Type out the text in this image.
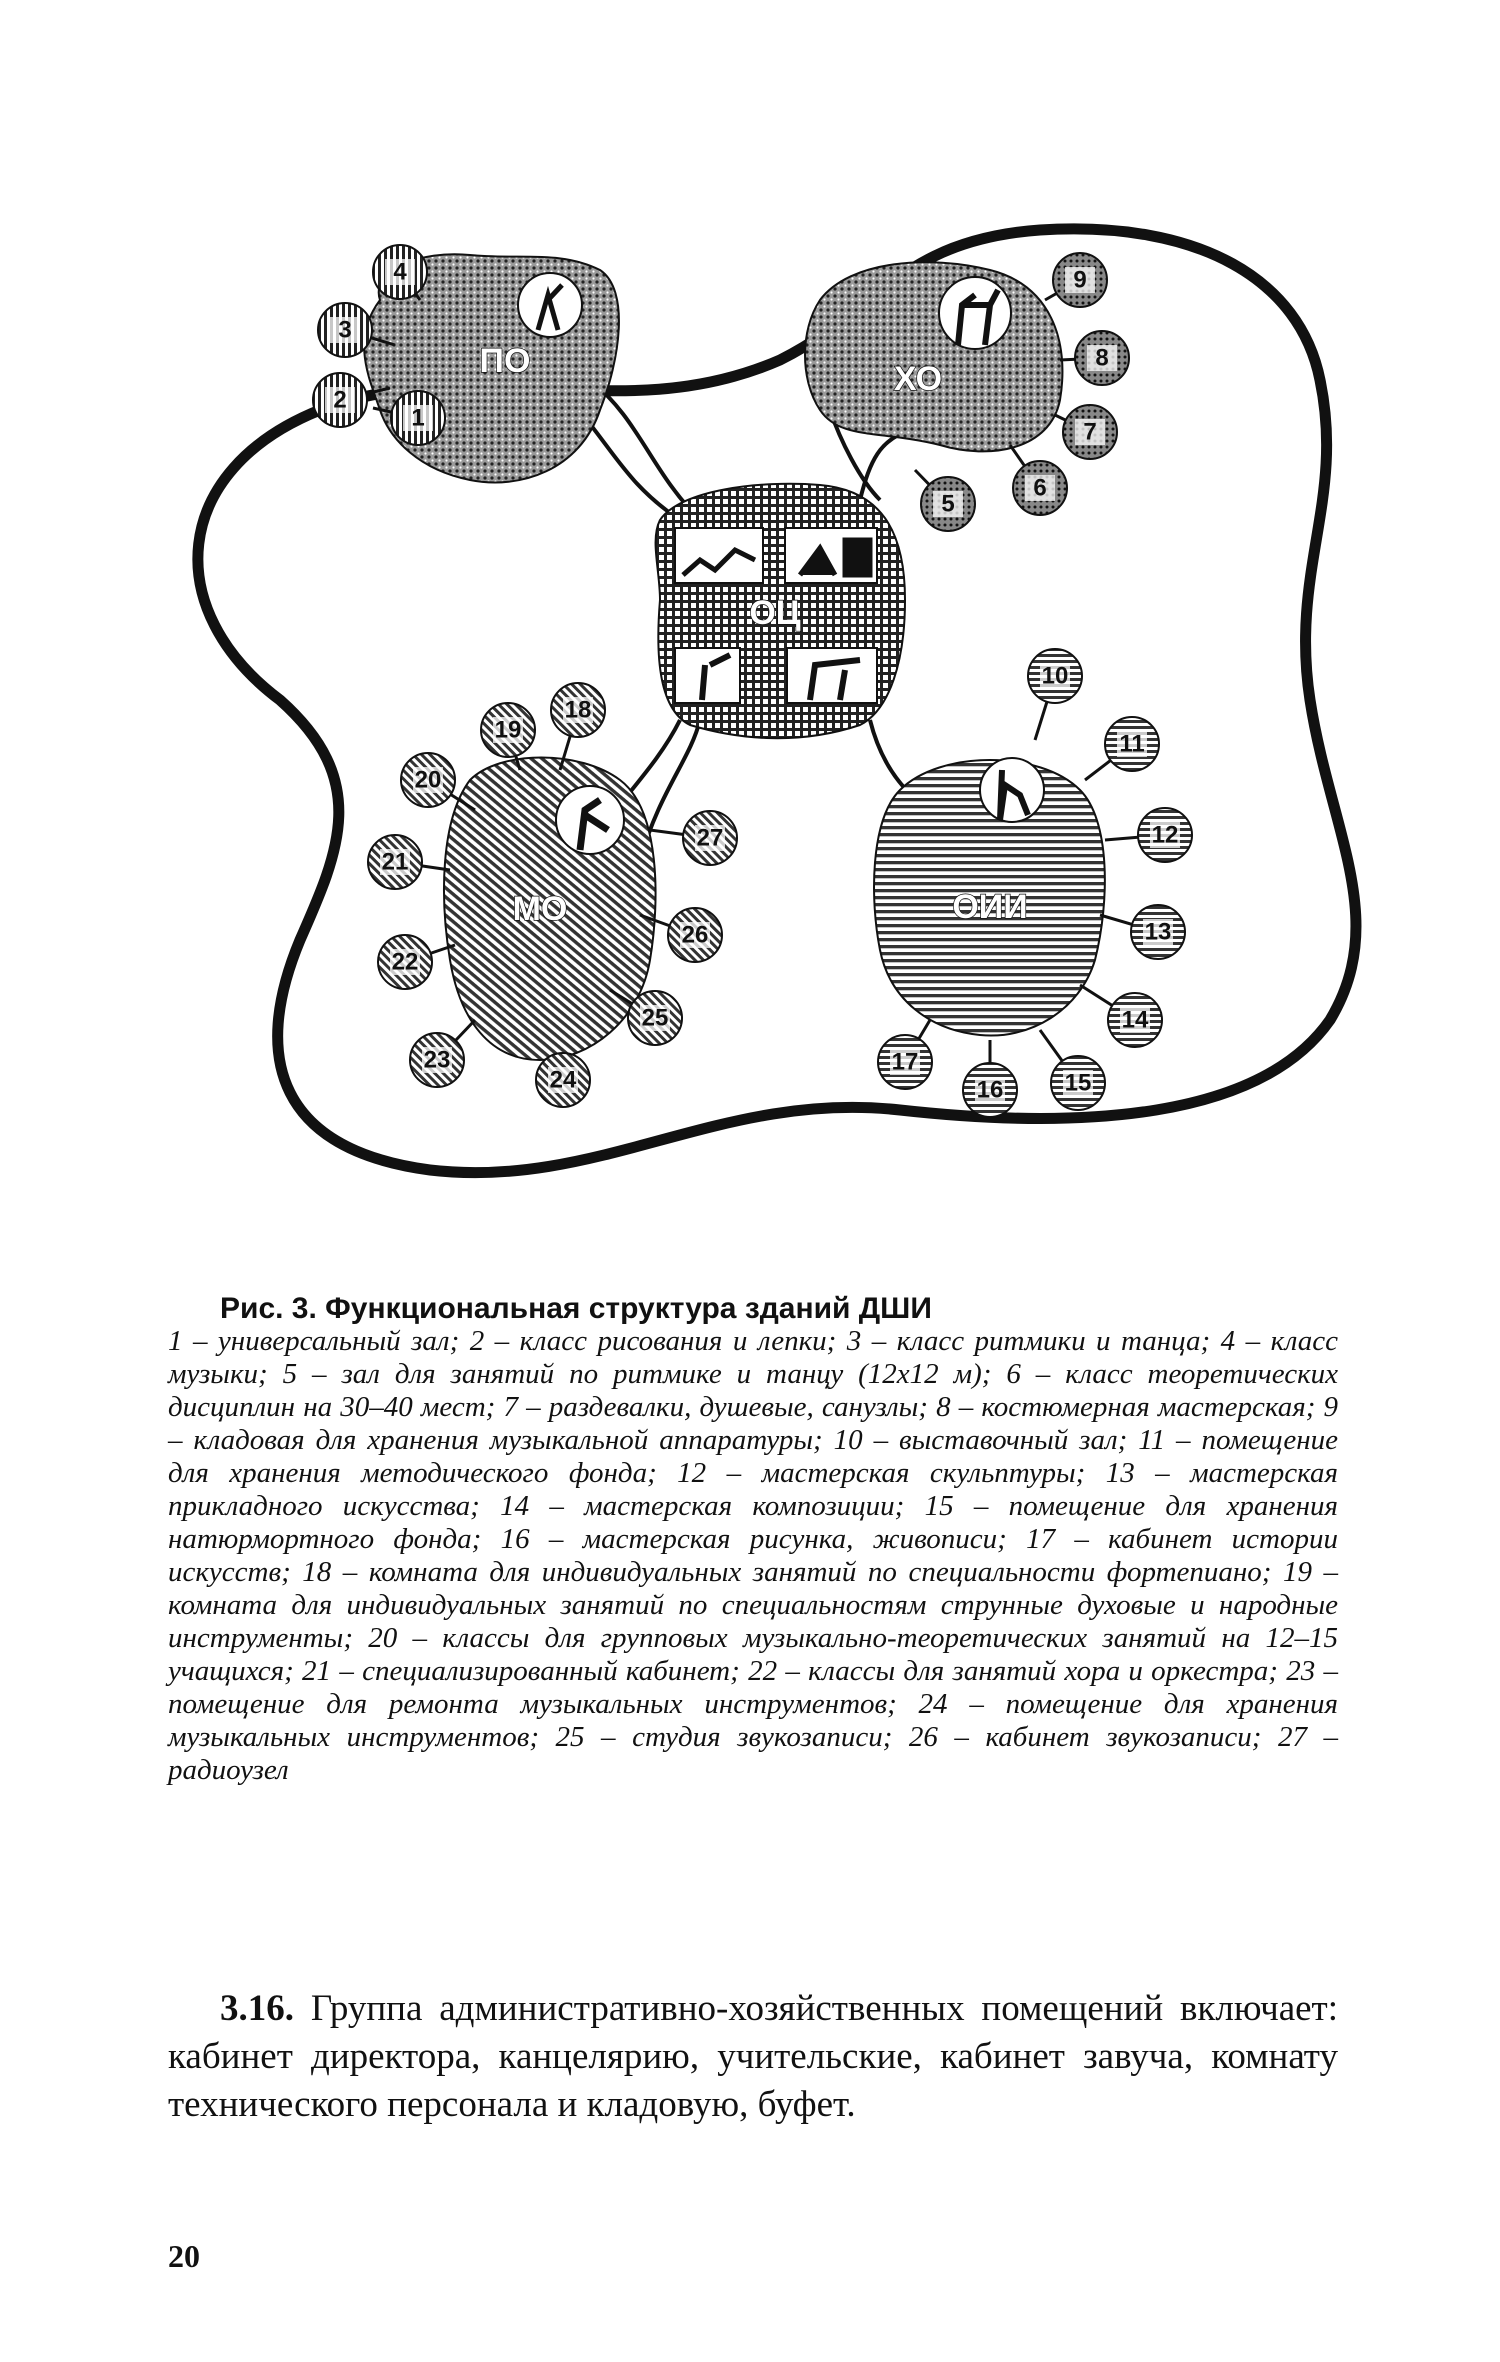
ПО	ХО
ОЦ
МО	ОИИ
1
2
3
4
5
6
7
8
9
10
11
12
13
14
15
16
17
18
19
20
21
22
23
24
25
26
27
Рис. 3. Функциональная структура зданий ДШИ
1 – универсальный зал; 2 – класс рисования и лепки; 3 – класс ритмики и танца; 4 – класс музыки; 5 – зал для занятий по ритмике и танцу (12х12 м); 6 – класс теоретических дисциплин на 30–40 мест; 7 – раздевалки, душевые, санузлы; 8 – костюмерная мастерская; 9 – кладовая для хранения музыкальной аппаратуры; 10 – выставочный зал; 11 – помещение для хранения методического фонда; 12 – мастерская скульптуры; 13 – мастерская прикладного искусства; 14 – мастерская композиции; 15 – помещение для хранения натюрмортного фонда; 16 – мастерская рисунка, живописи; 17 – кабинет истории искусств; 18 – комната для индивидуальных занятий по специальности фортепиано; 19 – комната для индивидуальных занятий по специальностям струнные духовые и народные инструменты; 20 – классы для групповых музыкально-теоретических занятий на 12–15 учащихся; 21 – специализированный кабинет; 22 – классы для занятий хора и оркестра; 23 – помещение для ремонта музыкальных инструментов; 24 – помещение для хранения музыкальных инструментов; 25 – студия звукозаписи; 26 – кабинет звукозаписи; 27 – радиоузел
3.16. Группа административно-хозяйственных помещений включает: кабинет директора, канцелярию, учительские, кабинет завуча, комнату технического персонала и кладовую, буфет.
20
